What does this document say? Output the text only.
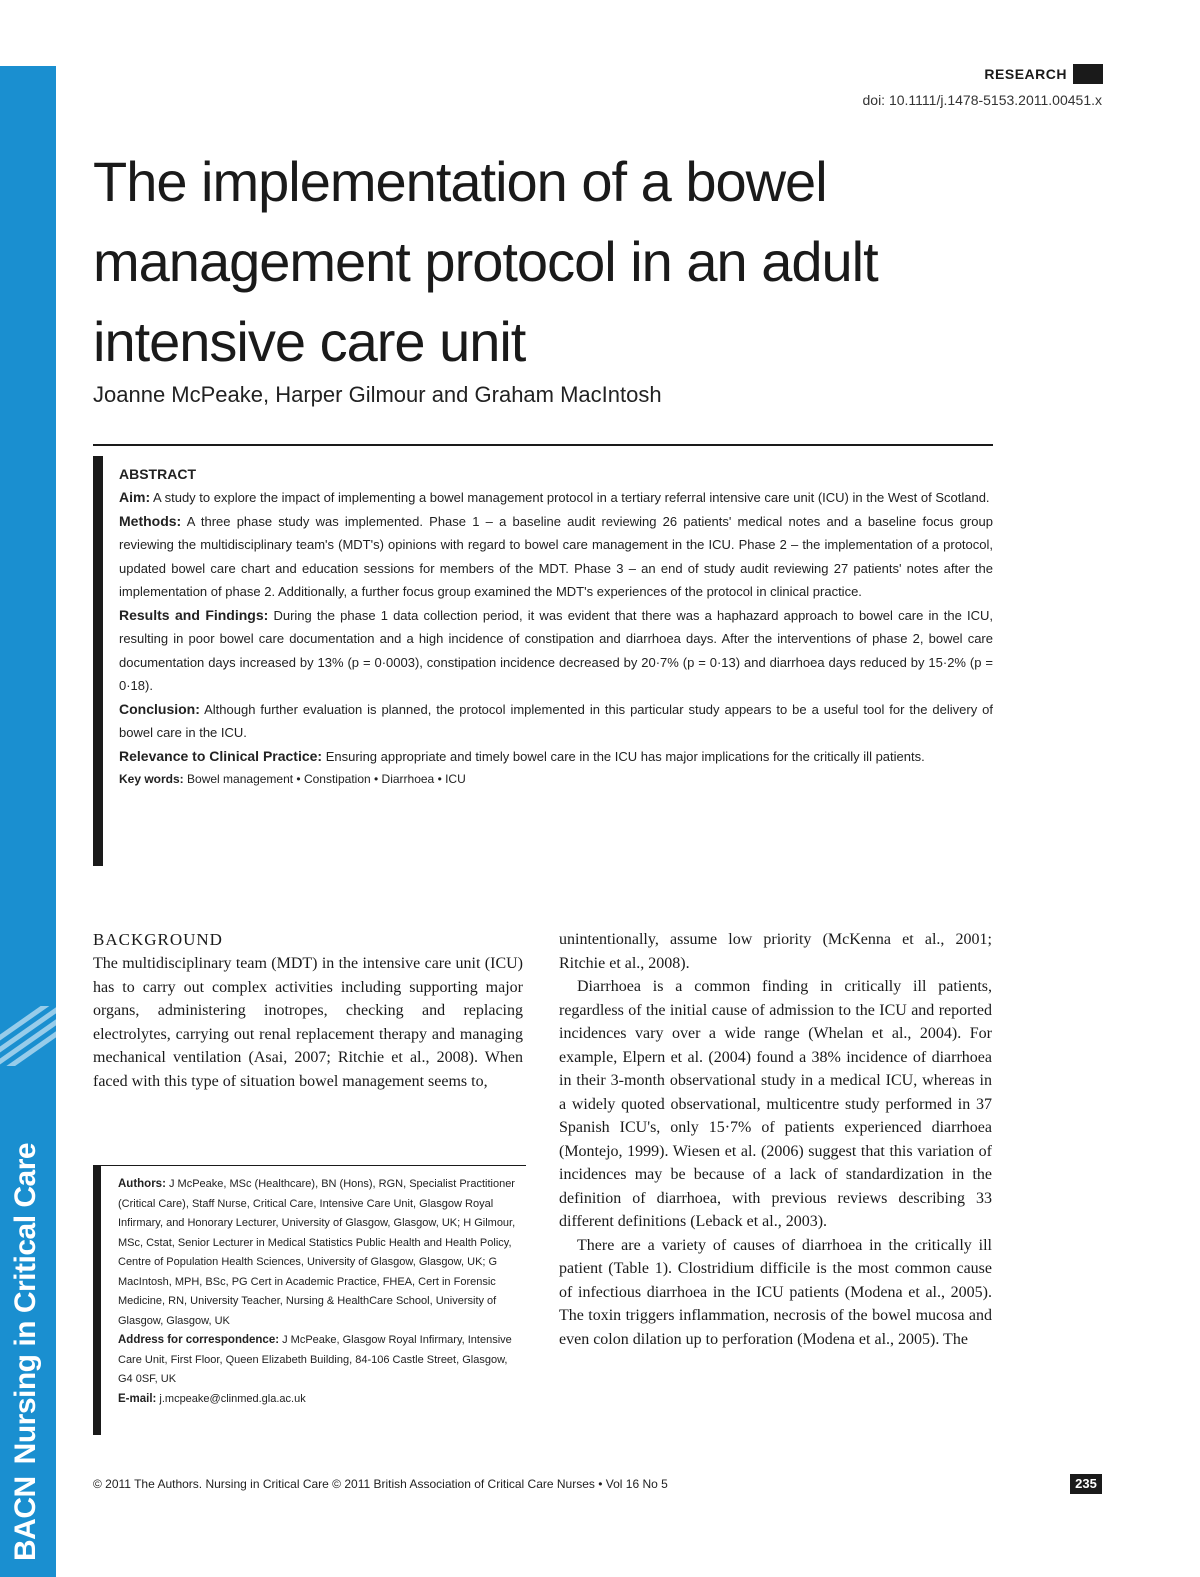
BACNNursing in Critical Care
RESEARCH
doi: 10.1111/j.1478-5153.2011.00451.x
The implementation of a bowel management protocol in an adult intensive care unit
Joanne McPeake, Harper Gilmour and Graham MacIntosh
ABSTRACT

Aim: A study to explore the impact of implementing a bowel management protocol in a tertiary referral intensive care unit (ICU) in the West of Scotland.

Methods: A three phase study was implemented. Phase 1 – a baseline audit reviewing 26 patients' medical notes and a baseline focus group reviewing the multidisciplinary team's (MDT's) opinions with regard to bowel care management in the ICU. Phase 2 – the implementation of a protocol, updated bowel care chart and education sessions for members of the MDT. Phase 3 – an end of study audit reviewing 27 patients' notes after the implementation of phase 2. Additionally, a further focus group examined the MDT's experiences of the protocol in clinical practice.

Results and Findings: During the phase 1 data collection period, it was evident that there was a haphazard approach to bowel care in the ICU, resulting in poor bowel care documentation and a high incidence of constipation and diarrhoea days. After the interventions of phase 2, bowel care documentation days increased by 13% (p = 0·0003), constipation incidence decreased by 20·7% (p = 0·13) and diarrhoea days reduced by 15·2% (p = 0·18).

Conclusion: Although further evaluation is planned, the protocol implemented in this particular study appears to be a useful tool for the delivery of bowel care in the ICU.

Relevance to Clinical Practice: Ensuring appropriate and timely bowel care in the ICU has major implications for the critically ill patients.

Key words: Bowel management • Constipation • Diarrhoea • ICU

BACKGROUND

The multidisciplinary team (MDT) in the intensive care unit (ICU) has to carry out complex activities including supporting major organs, administering inotropes, checking and replacing electrolytes, carrying out renal replacement therapy and managing mechanical ventilation (Asai, 2007; Ritchie et al., 2008). When faced with this type of situation bowel management seems to,

unintentionally, assume low priority (McKenna et al., 2001; Ritchie et al., 2008).

Diarrhoea is a common finding in critically ill patients, regardless of the initial cause of admission to the ICU and reported incidences vary over a wide range (Whelan et al., 2004). For example, Elpern et al. (2004) found a 38% incidence of diarrhoea in their 3-month observational study in a medical ICU, whereas in a widely quoted observational, multicentre study performed in 37 Spanish ICU's, only 15·7% of patients experienced diarrhoea (Montejo, 1999). Wiesen et al. (2006) suggest that this variation of incidences may be because of a lack of standardization in the definition of diarrhoea, with previous reviews describing 33 different definitions (Leback et al., 2003).

There are a variety of causes of diarrhoea in the critically ill patient (Table 1). Clostridium difficile is the most common cause of infectious diarrhoea in the ICU patients (Modena et al., 2005). The toxin triggers inflammation, necrosis of the bowel mucosa and even colon dilation up to perforation (Modena et al., 2005). The

Authors: J McPeake, MSc (Healthcare), BN (Hons), RGN, Specialist Practitioner (Critical Care), Staff Nurse, Critical Care, Intensive Care Unit, Glasgow Royal Infirmary, and Honorary Lecturer, University of Glasgow, Glasgow, UK; H Gilmour, MSc, Cstat, Senior Lecturer in Medical Statistics Public Health and Health Policy, Centre of Population Health Sciences, University of Glasgow, Glasgow, UK; G MacIntosh, MPH, BSc, PG Cert in Academic Practice, FHEA, Cert in Forensic Medicine, RN, University Teacher, Nursing & HealthCare School, University of Glasgow, Glasgow, UK

Address for correspondence: J McPeake, Glasgow Royal Infirmary, Intensive Care Unit, First Floor, Queen Elizabeth Building, 84-106 Castle Street, Glasgow, G4 0SF, UK

E-mail: j.mcpeake@clinmed.gla.ac.uk

© 2011 The Authors. Nursing in Critical Care © 2011 British Association of Critical Care Nurses • Vol 16 No 5	235
